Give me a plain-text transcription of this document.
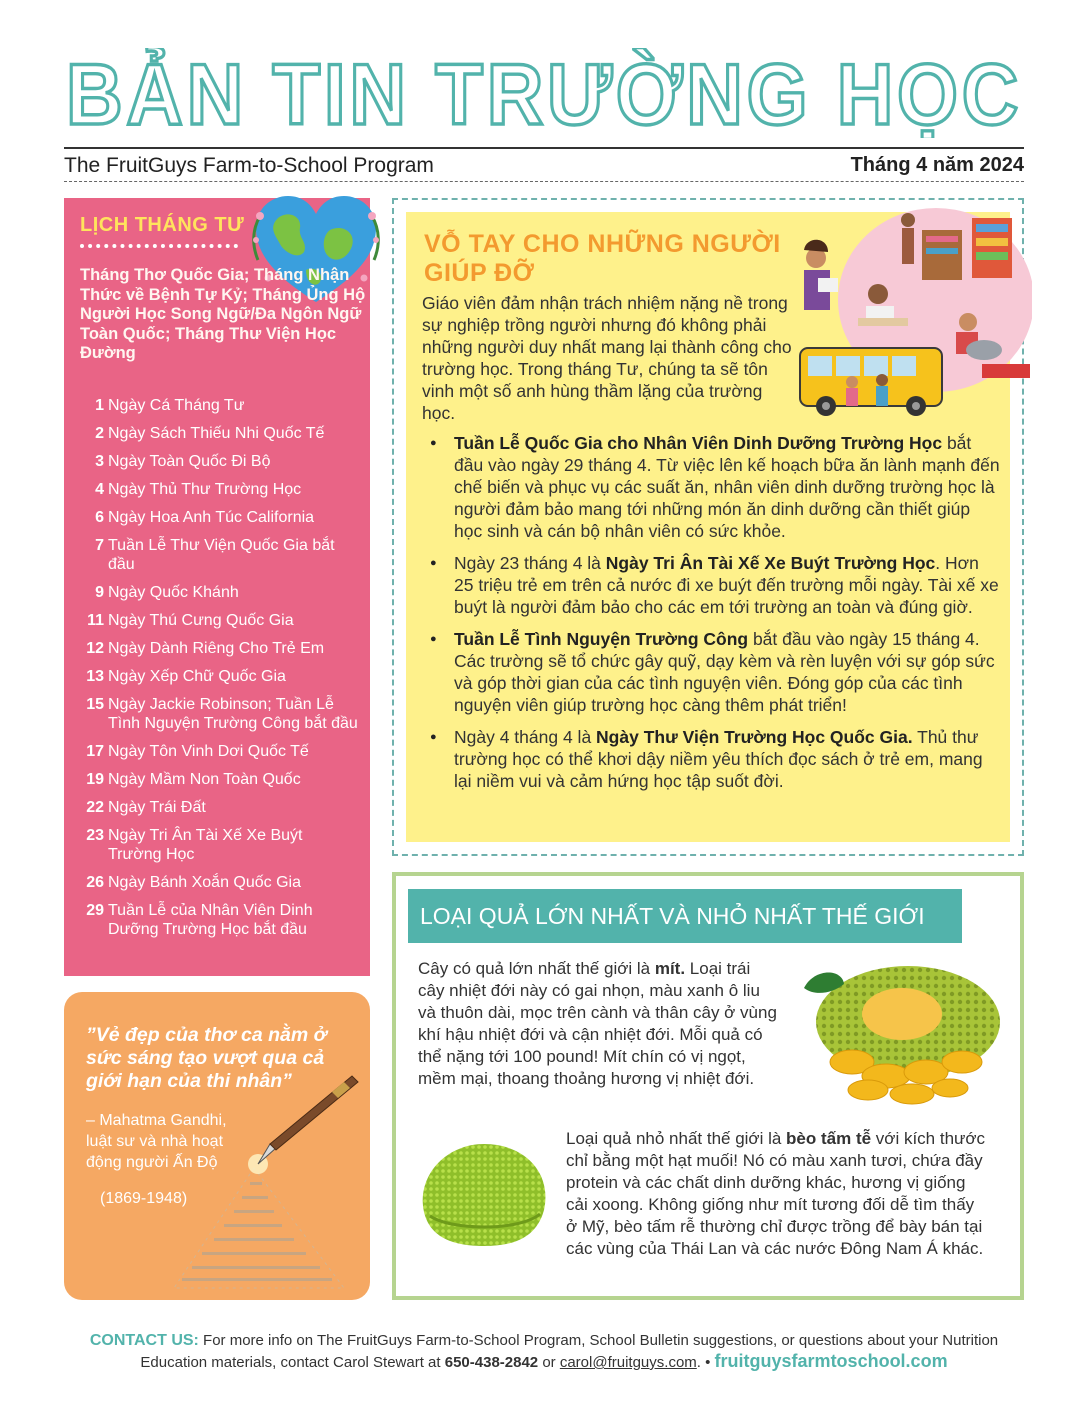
BẢN TIN TRƯỜNG HỌC
The FruitGuys Farm-to-School Program	Tháng 4 năm 2024
LỊCH THÁNG TƯ
Tháng Thơ Quốc Gia; Tháng Nhận Thức về Bệnh Tự Kỷ; Tháng Ủng Hộ Người Học Song Ngữ/Đa Ngôn Ngữ Toàn Quốc; Tháng Thư Viện Học Đường
1 Ngày Cá Tháng Tư
2 Ngày Sách Thiếu Nhi Quốc Tế
3 Ngày Toàn Quốc Đi Bộ
4 Ngày Thủ Thư Trường Học
6 Ngày Hoa Anh Túc California
7 Tuần Lễ Thư Viện Quốc Gia bắt đầu
9 Ngày Quốc Khánh
11 Ngày Thú Cưng Quốc Gia
12 Ngày Dành Riêng Cho Trẻ Em
13 Ngày Xếp Chữ Quốc Gia
15 Ngày Jackie Robinson; Tuần Lễ Tình Nguyện Trường Công bắt đầu
17 Ngày Tôn Vinh Dơi Quốc Tế
19 Ngày Mầm Non Toàn Quốc
22 Ngày Trái Đất
23 Ngày Tri Ân Tài Xế Xe Buýt Trường Học
26 Ngày Bánh Xoắn Quốc Gia
29 Tuần Lễ của Nhân Viên Dinh Dưỡng Trường Học bắt đầu
”Vẻ đẹp của thơ ca nằm ở sức sáng tạo vượt qua cả giới hạn của thi nhân”
– Mahatma Gandhi, luật sư và nhà hoạt động người Ấn Độ
(1869-1948)
VỖ TAY CHO NHỮNG NGƯỜI GIÚP ĐỠ
Giáo viên đảm nhận trách nhiệm nặng nề trong sự nghiệp trồng người nhưng đó không phải những người duy nhất mang lại thành công cho trường học. Trong tháng Tư, chúng ta sẽ tôn vinh một số anh hùng thầm lặng của trường học.
● Tuần Lễ Quốc Gia cho Nhân Viên Dinh Dưỡng Trường Học bắt đầu vào ngày 29 tháng 4. Từ việc lên kế hoạch bữa ăn lành mạnh đến chế biến và phục vụ các suất ăn, nhân viên dinh dưỡng trường học là người đảm bảo mang tới những món ăn dinh dưỡng cần thiết giúp học sinh và cán bộ nhân viên có sức khỏe.
● Ngày 23 tháng 4 là Ngày Tri Ân Tài Xế Xe Buýt Trường Học. Hơn 25 triệu trẻ em trên cả nước đi xe buýt đến trường mỗi ngày. Tài xế xe buýt là người đảm bảo cho các em tới trường an toàn và đúng giờ.
● Tuần Lễ Tình Nguyện Trường Công bắt đầu vào ngày 15 tháng 4. Các trường sẽ tổ chức gây quỹ, dạy kèm và rèn luyện với sự góp sức và góp thời gian của các tình nguyện viên. Đóng góp của các tình nguyện viên giúp trường học càng thêm phát triển!
● Ngày 4 tháng 4 là Ngày Thư Viện Trường Học Quốc Gia. Thủ thư trường học có thể khơi dậy niềm yêu thích đọc sách ở trẻ em, mang lại niềm vui và cảm hứng học tập suốt đời.
LOẠI QUẢ LỚN NHẤT VÀ NHỎ NHẤT THẾ GIỚI
Cây có quả lớn nhất thế giới là mít. Loại trái cây nhiệt đới này có gai nhọn, màu xanh ô liu và thuôn dài, mọc trên cành và thân cây ở vùng khí hậu nhiệt đới và cận nhiệt đới. Mỗi quả có thể nặng tới 100 pound! Mít chín có vị ngọt, mềm mại, thoang thoảng hương vị nhiệt đới.
Loại quả nhỏ nhất thế giới là bèo tấm tễ với kích thước chỉ bằng một hạt muối! Nó có màu xanh tươi, chứa đầy protein và các chất dinh dưỡng khác, hương vị giống cải xoong. Không giống như mít tương đối dễ tìm thấy ở Mỹ, bèo tấm rễ thường chỉ được trồng để bày bán tại các vùng của Thái Lan và các nước Đông Nam Á khác.
CONTACT US: For more info on The FruitGuys Farm-to-School Program, School Bulletin suggestions, or questions about your Nutrition Education materials, contact Carol Stewart at 650-438-2842 or carol@fruitguys.com. • fruitguysfarmtoschool.com
